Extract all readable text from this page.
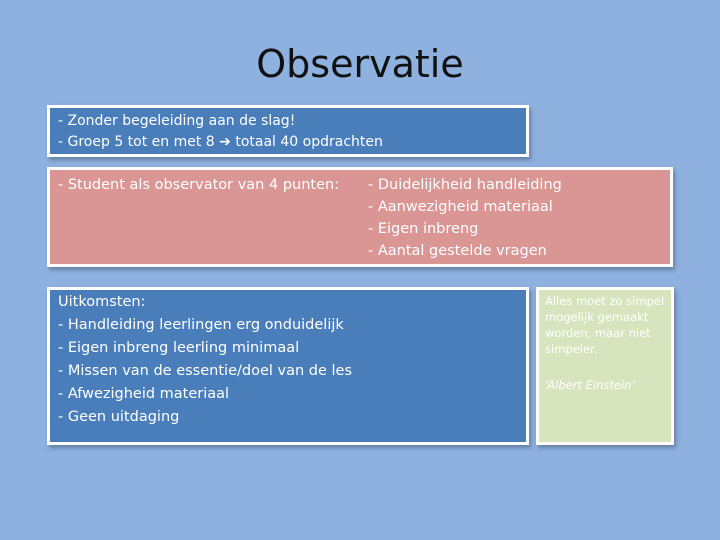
Observatie
- Zonder begeleiding aan de slag!
- Groep 5 tot en met 8 ➔ totaal 40 opdrachten
- Student als observator van 4 punten: - Duidelijkheid handleiding
- Aanwezigheid materiaal
- Eigen inbreng
- Aantal gestelde vragen
Uitkomsten:
- Handleiding leerlingen erg onduidelijk
- Eigen inbreng leerling minimaal
- Missen van de essentie/doel van de les
- Afwezigheid materiaal
- Geen uitdaging
Alles moet zo simpel mogelijk gemaakt worden, maar niet simpeler.
‘Albert Einstein’
